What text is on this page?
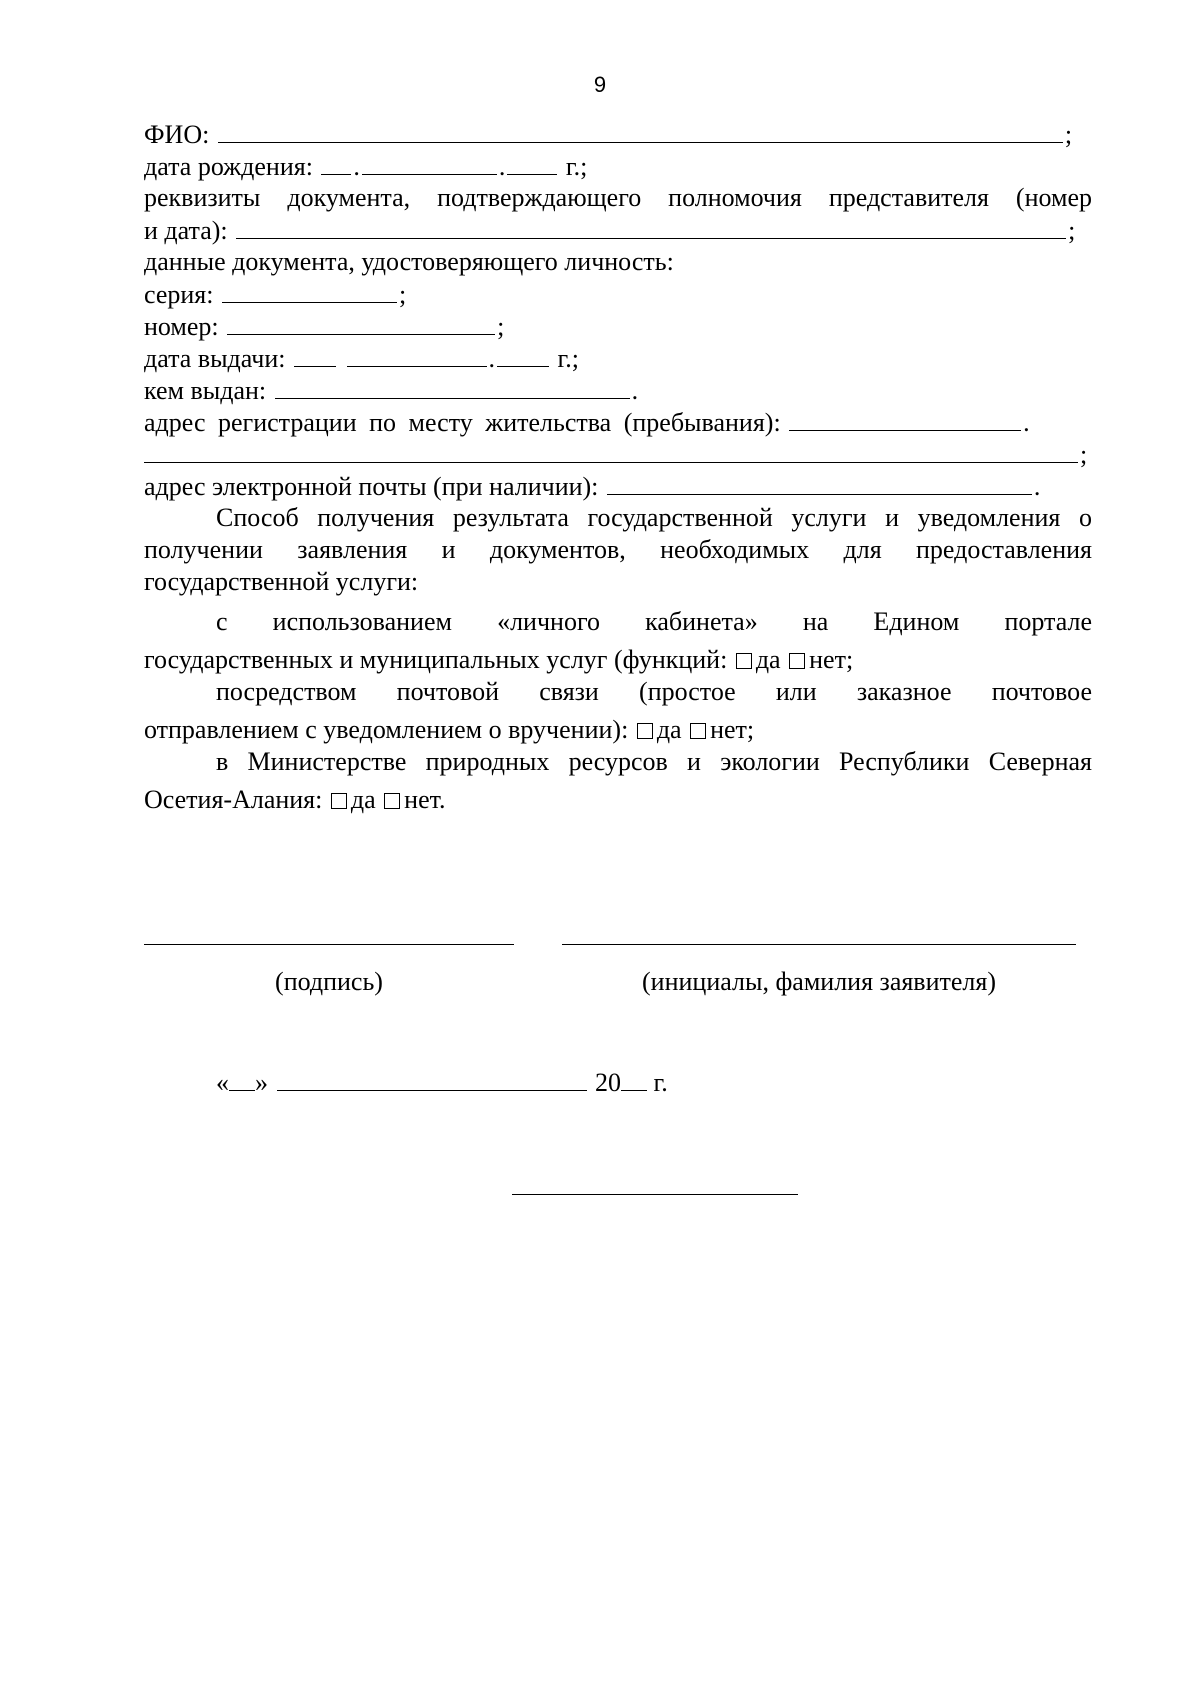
9
ФИО:	;
дата рождения: .	. г.;
реквизиты документа, подтверждающего полномочия представителя (номер
и дата):	;
данные документа, удостоверяющего личность:
серия:	;
номер:	;
дата выдачи:	. г.;
кем выдан:	.
адрес регистрации по месту жительства (пребывания):	.
;
адрес электронной почты (при наличии):	.
Способ получения результата государственной услуги и уведомления о
получении заявления и документов, необходимых для предоставления
государственной услуги:
с использованием «личного кабинета» на Едином портале
государственных и муниципальных услуг (функций: да нет;
посредством почтовой связи (простое или заказное почтовое
отправлением с уведомлением о вручении): да нет;
в Министерстве природных ресурсов и экологии Республики Северная
Осетия-Алания: да нет.
(подпись)	(инициалы, фамилия заявителя)
« »	20 г.
